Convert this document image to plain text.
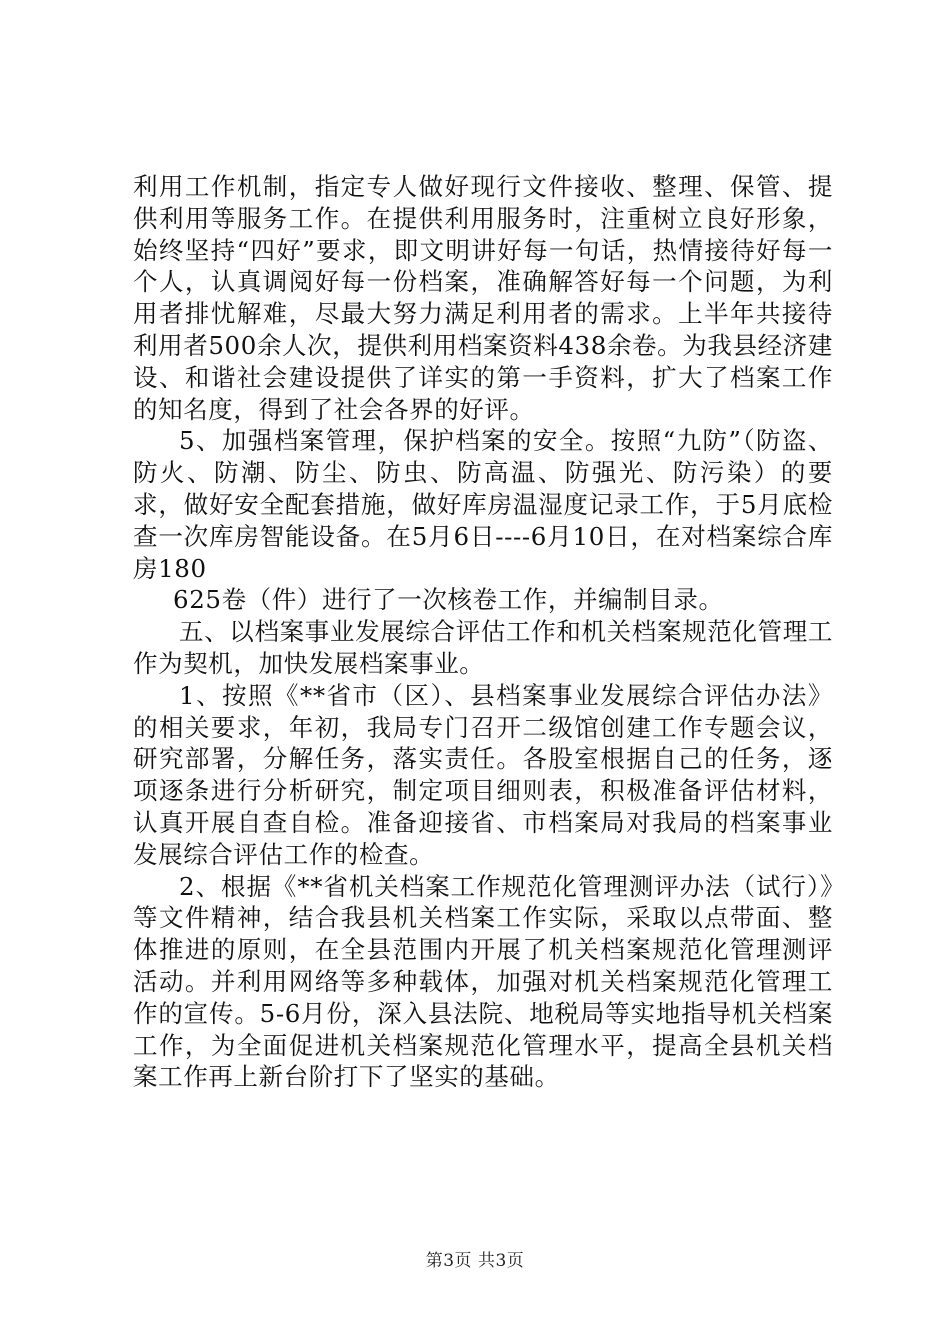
利用工作机制，指定专人做好现行文件接收、整理、保管、提供利用等服务工作。在提供利用服务时，注重树立良好形象，始终坚持“四好”要求，即文明讲好每一句话，热情接待好每一个人，认真调阅好每一份档案，准确解答好每一个问题，为利用者排忧解难，尽最大努力满足利用者的需求。上半年共接待利用者500余人次，提供利用档案资料438余卷。为我县经济建设、和谐社会建设提供了详实的第一手资料，扩大了档案工作的知名度，得到了社会各界的好评。

5、加强档案管理，保护档案的安全。按照“九防”（防盗、防火、防潮、防尘、防虫、防高温、防强光、防污染）的要求，做好安全配套措施，做好库房温湿度记录工作，于5月底检查一次库房智能设备。在5月6日----6月10日，在对档案综合库房180

625卷（件）进行了一次核卷工作，并编制目录。

五、以档案事业发展综合评估工作和机关档案规范化管理工作为契机，加快发展档案事业。

1、按照《**省市（区）、县档案事业发展综合评估办法》的相关要求，年初，我局专门召开二级馆创建工作专题会议，研究部署，分解任务，落实责任。各股室根据自己的任务，逐项逐条进行分析研究，制定项目细则表，积极准备评估材料，认真开展自查自检。准备迎接省、市档案局对我局的档案事业发展综合评估工作的检查。

2、根据《**省机关档案工作规范化管理测评办法（试行）》等文件精神，结合我县机关档案工作实际，采取以点带面、整体推进的原则，在全县范围内开展了机关档案规范化管理测评活动。并利用网络等多种载体，加强对机关档案规范化管理工作的宣传。5-6月份，深入县法院、地税局等实地指导机关档案工作，为全面促进机关档案规范化管理水平，提高全县机关档案工作再上新台阶打下了坚实的基础。

第3页 共3页
